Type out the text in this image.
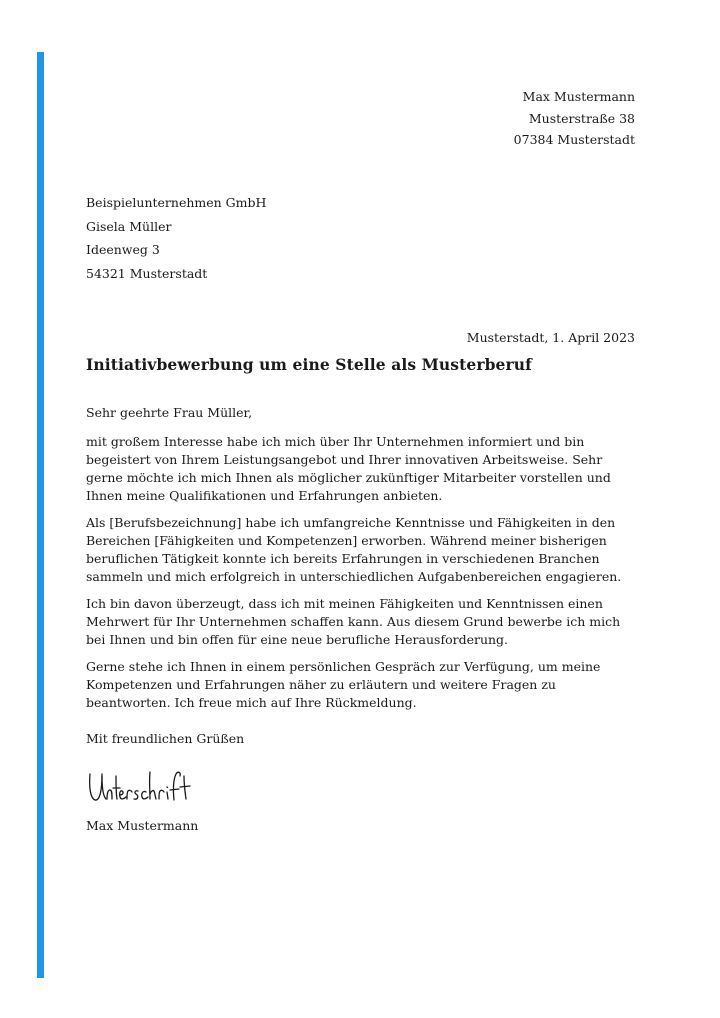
Max Mustermann
Musterstraße 38
07384 Musterstadt
Beispielunternehmen GmbH
Gisela Müller
Ideenweg 3
54321 Musterstadt
Musterstadt, 1. April 2023
Initiativbewerbung um eine Stelle als Musterberuf

Sehr geehrte Frau Müller,

mit großem Interesse habe ich mich über Ihr Unternehmen informiert und bin begeistert von Ihrem Leistungsangebot und Ihrer innovativen Arbeitsweise. Sehr gerne möchte ich mich Ihnen als möglicher zukünftiger Mitarbeiter vorstellen und Ihnen meine Qualifikationen und Erfahrungen anbieten.

Als [Berufsbezeichnung] habe ich umfangreiche Kenntnisse und Fähigkeiten in den Bereichen [Fähigkeiten und Kompetenzen] erworben. Während meiner bisherigen beruflichen Tätigkeit konnte ich bereits Erfahrungen in verschiedenen Branchen sammeln und mich erfolgreich in unterschiedlichen Aufgabenbereichen engagieren.

Ich bin davon überzeugt, dass ich mit meinen Fähigkeiten und Kenntnissen einen Mehrwert für Ihr Unternehmen schaffen kann. Aus diesem Grund bewerbe ich mich bei Ihnen und bin offen für eine neue berufliche Herausforderung.

Gerne stehe ich Ihnen in einem persönlichen Gespräch zur Verfügung, um meine Kompetenzen und Erfahrungen näher zu erläutern und weitere Fragen zu beantworten. Ich freue mich auf Ihre Rückmeldung.

Mit freundlichen Grüßen
Max Mustermann
